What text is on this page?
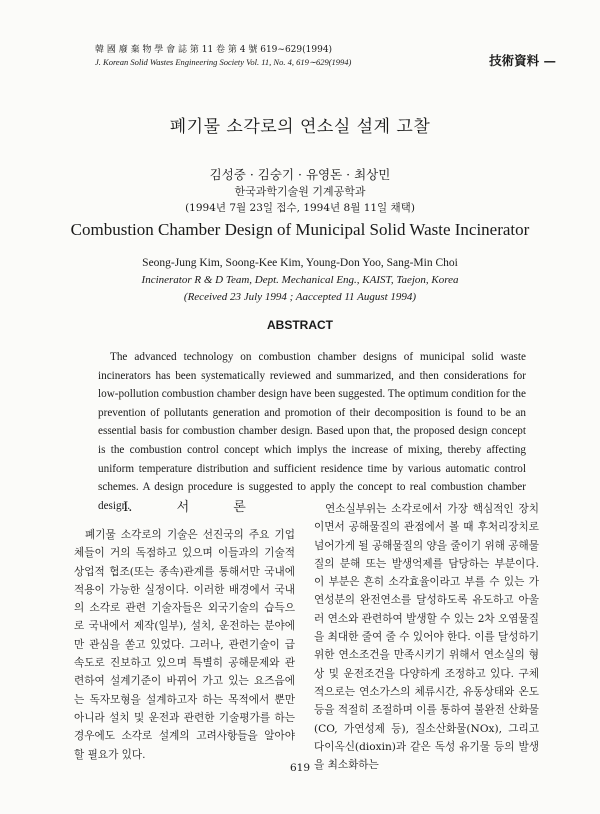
韓 國 廢 棄 物 學 會 誌 第 11 卷 第 4 號 619∼629(1994)
J. Korean Solid Wastes Engineering Society Vol. 11, No. 4, 619∼629(1994)	技術資料 —
폐기물 소각로의 연소실 설계 고찰
김성중 · 김숭기 · 유영돈 · 최상민
한국과학기술원 기계공학과
(1994년 7월 23일 접수, 1994년 8월 11일 채택)
Combustion Chamber Design of Municipal Solid Waste Incinerator
Seong-Jung Kim, Soong-Kee Kim, Young-Don Yoo, Sang-Min Choi
Incinerator R & D Team, Dept. Mechanical Eng., KAIST, Taejon, Korea
(Received 23 July 1994 ; Aaccepted 11 August 1994)
ABSTRACT

The advanced technology on combustion chamber designs of municipal solid waste incinerators has been systematically reviewed and summarized, and then considerations for low-pollution combustion chamber design have been suggested. The optimum condition for the prevention of pollutants generation and promotion of their decomposition is found to be an essential basis for combustion chamber design. Based upon that, the proposed design concept is the combustion control concept which implys the increase of mixing, thereby affecting uniform temperature distribution and sufficient residence time by various automatic control schemes. A design procedure is suggested to apply the concept to real combustion chamber design.

Ⅰ. 서 론

폐기물 소각로의 기술은 선진국의 주요 기업체들이 거의 독점하고 있으며 이들과의 기술적 상업적 협조(또는 종속)관계를 통해서만 국내에 적용이 가능한 실정이다. 이러한 배경에서 국내의 소각로 관련 기술자들은 외국기술의 습득으로 국내에서 제작(일부), 설치, 운전하는 분야에만 관심을 쏟고 있었다. 그러나, 관련기술이 급속도로 진보하고 있으며 특별히 공해문제와 관련하여 설계기준이 바뀌어 가고 있는 요즈음에는 독자모형을 설계하고자 하는 목적에서 뿐만 아니라 설치 및 운전과 관련한 기술평가를 하는 경우에도 소각로 설계의 고려사항들을 알아야 할 필요가 있다.

연소실부위는 소각로에서 가장 핵심적인 장치이면서 공해물질의 관점에서 볼 때 후처리장치로 넘어가게 될 공해물질의 양을 줄이기 위해 공해물질의 분해 또는 발생억제를 담당하는 부분이다. 이 부분은 흔히 소각효율이라고 부를 수 있는 가연성분의 완전연소를 달성하도록 유도하고 아울러 연소와 관련하여 발생할 수 있는 2차 오염물질을 최대한 줄여 줄 수 있어야 한다. 이를 달성하기 위한 연소조건을 만족시키기 위해서 연소실의 형상 및 운전조건을 다양하게 조정하고 있다. 구체적으로는 연소가스의 체류시간, 유동상태와 온도 등을 적절히 조절하며 이를 통하여 불완전 산화물(CO, 가연성제 등), 질소산화물(NOx), 그리고 다이옥신(dioxin)과 같은 독성 유기물 등의 발생을 최소화하는

619
